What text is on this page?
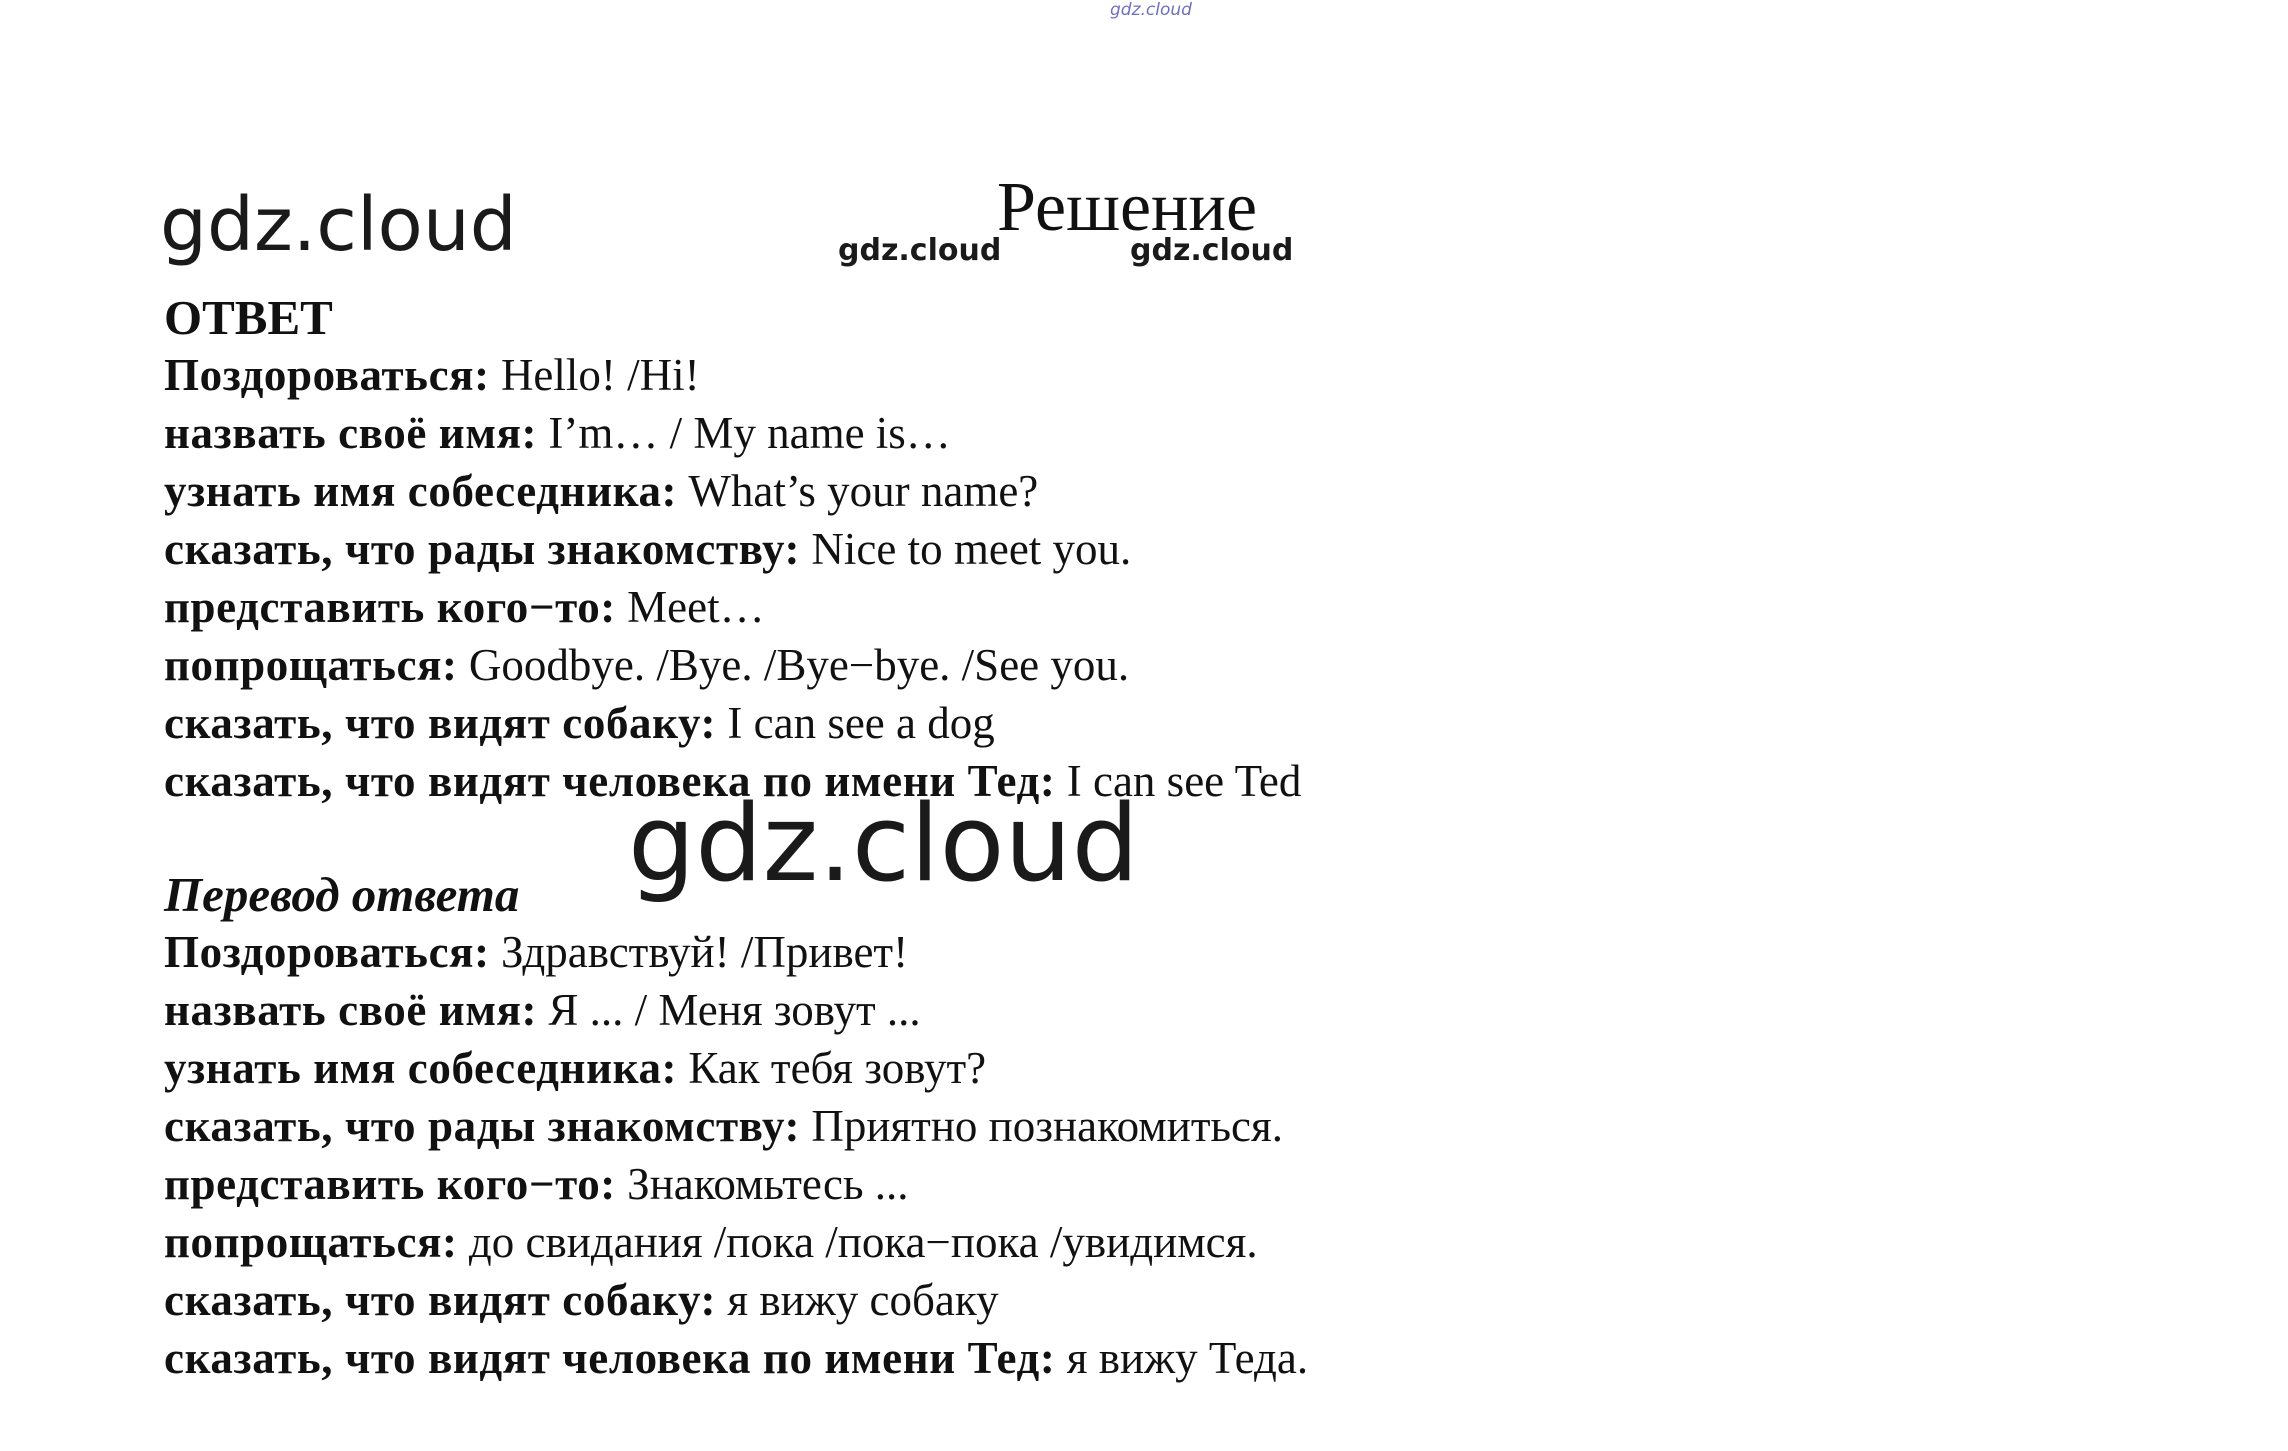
gdz.cloud
gdz.cloud	gdz.cloud	gdz.cloud
Решение
ОТВЕТ
Поздороваться: Hello! /Hi!
назвать своё имя: I’m… / My name is…
узнать имя собеседника: What’s your name?
сказать, что рады знакомству: Nice to meet you.
представить кого−то: Meet…
попрощаться: Goodbye. /Bye. /Bye−bye. /See you.
сказать, что видят собаку: I can see a dog
сказать, что видят человека по имени Тед: I can see Ted
gdz.cloud
Перевод ответа
Поздороваться: Здравствуй! /Привет!
назвать своё имя: Я ... / Меня зовут ...
узнать имя собеседника: Как тебя зовут?
сказать, что рады знакомству: Приятно познакомиться.
представить кого−то: Знакомьтесь ...
попрощаться: до свидания /пока /пока−пока /увидимся.
сказать, что видят собаку: я вижу собаку
сказать, что видят человека по имени Тед: я вижу Теда.
